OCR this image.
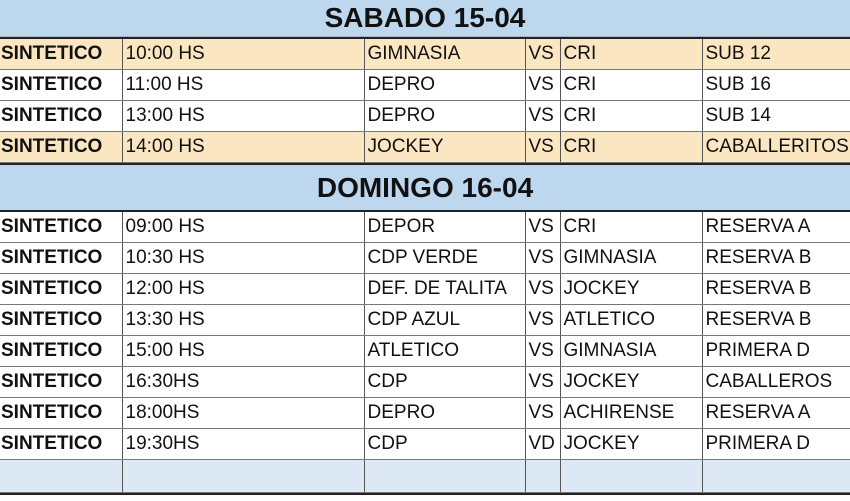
SABADO 15-04
SINTETICO	10:00 HS	GIMNASIA	VS	CRI	SUB 12
SINTETICO	11:00 HS	DEPRO	VS	CRI	SUB 16
SINTETICO	13:00 HS	DEPRO	VS	CRI	SUB 14
SINTETICO	14:00 HS	JOCKEY	VS	CRI	CABALLERITOS
DOMINGO 16-04
SINTETICO	09:00 HS	DEPOR	VS	CRI	RESERVA A
SINTETICO	10:30 HS	CDP VERDE	VS	GIMNASIA	RESERVA B
SINTETICO	12:00 HS	DEF. DE TALITA	VS	JOCKEY	RESERVA B
SINTETICO	13:30 HS	CDP AZUL	VS	ATLETICO	RESERVA B
SINTETICO	15:00 HS	ATLETICO	VS	GIMNASIA	PRIMERA D
SINTETICO	16:30HS	CDP	VS	JOCKEY	CABALLEROS
SINTETICO	18:00HS	DEPRO	VS	ACHIRENSE	RESERVA A
SINTETICO	19:30HS	CDP	VD	JOCKEY	PRIMERA D
